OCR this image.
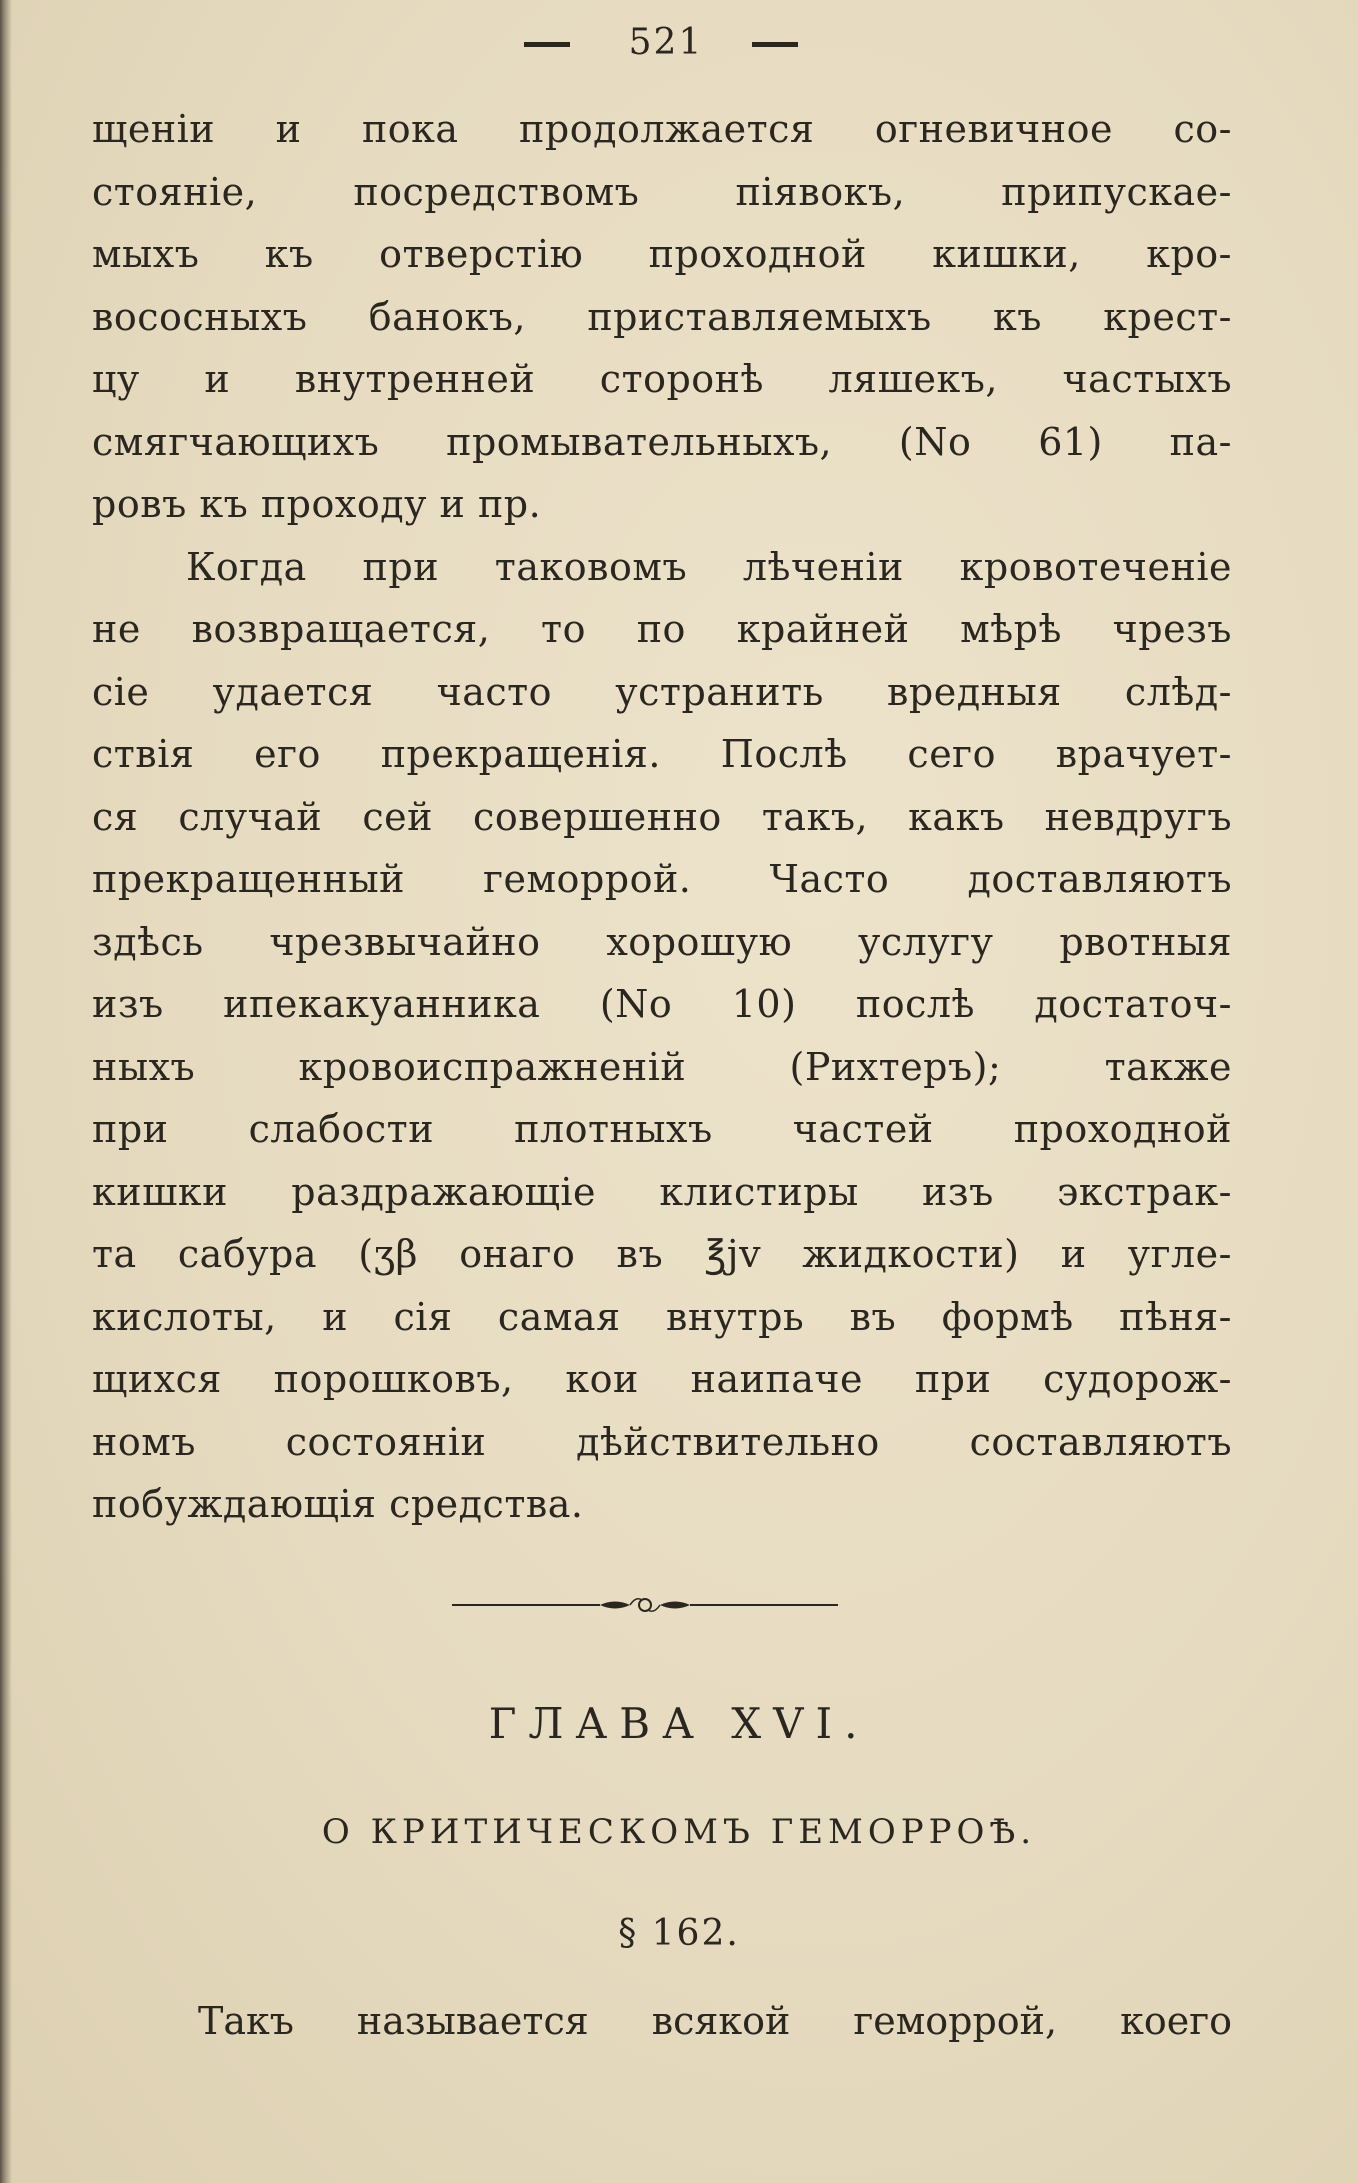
521
щенiи и пока продолжается огневичное со-
стоянiе, посредствомъ пiявокъ, припускае-
мыхъ къ отверстiю проходной кишки, кро-
вососныхъ банокъ, приставляемыхъ къ крест-
цу и внутренней сторонѣ ляшекъ, частыхъ
смягчающихъ промывательныхъ, (No 61) па-
ровъ къ проходу и пр.
Когда при таковомъ лѣченiи кровотеченiе
не возвращается, то по крайней мѣрѣ чрезъ
сiе удается часто устранить вредныя слѣд-
ствiя его прекращенiя. Послѣ сего врачует-
ся случай сей совершенно такъ, какъ невдругъ
прекращенный геморрой. Часто доставляютъ
здѣсь чрезвычайно хорошую услугу рвотныя
изъ ипекакуанника (No 10) послѣ достаточ-
ныхъ кровоиспражненiй (Рихтеръ); также
при слабости плотныхъ частей проходной
кишки раздражающiе клистиры изъ экстрак-
та сабура (ʒβ онаго въ ℥jv жидкости) и угле-
кислоты, и сiя самая внутрь въ формѣ пѣня-
щихся порошковъ, кои наипаче при судорож-
номъ состоянiи дѣйствительно составляютъ
побуждающiя средства.
ГЛАВА XVI.
О КРИТИЧЕСКОМЪ ГЕМОРРОѢ.
§ 162.
Такъ называется всякой геморрой, коего
